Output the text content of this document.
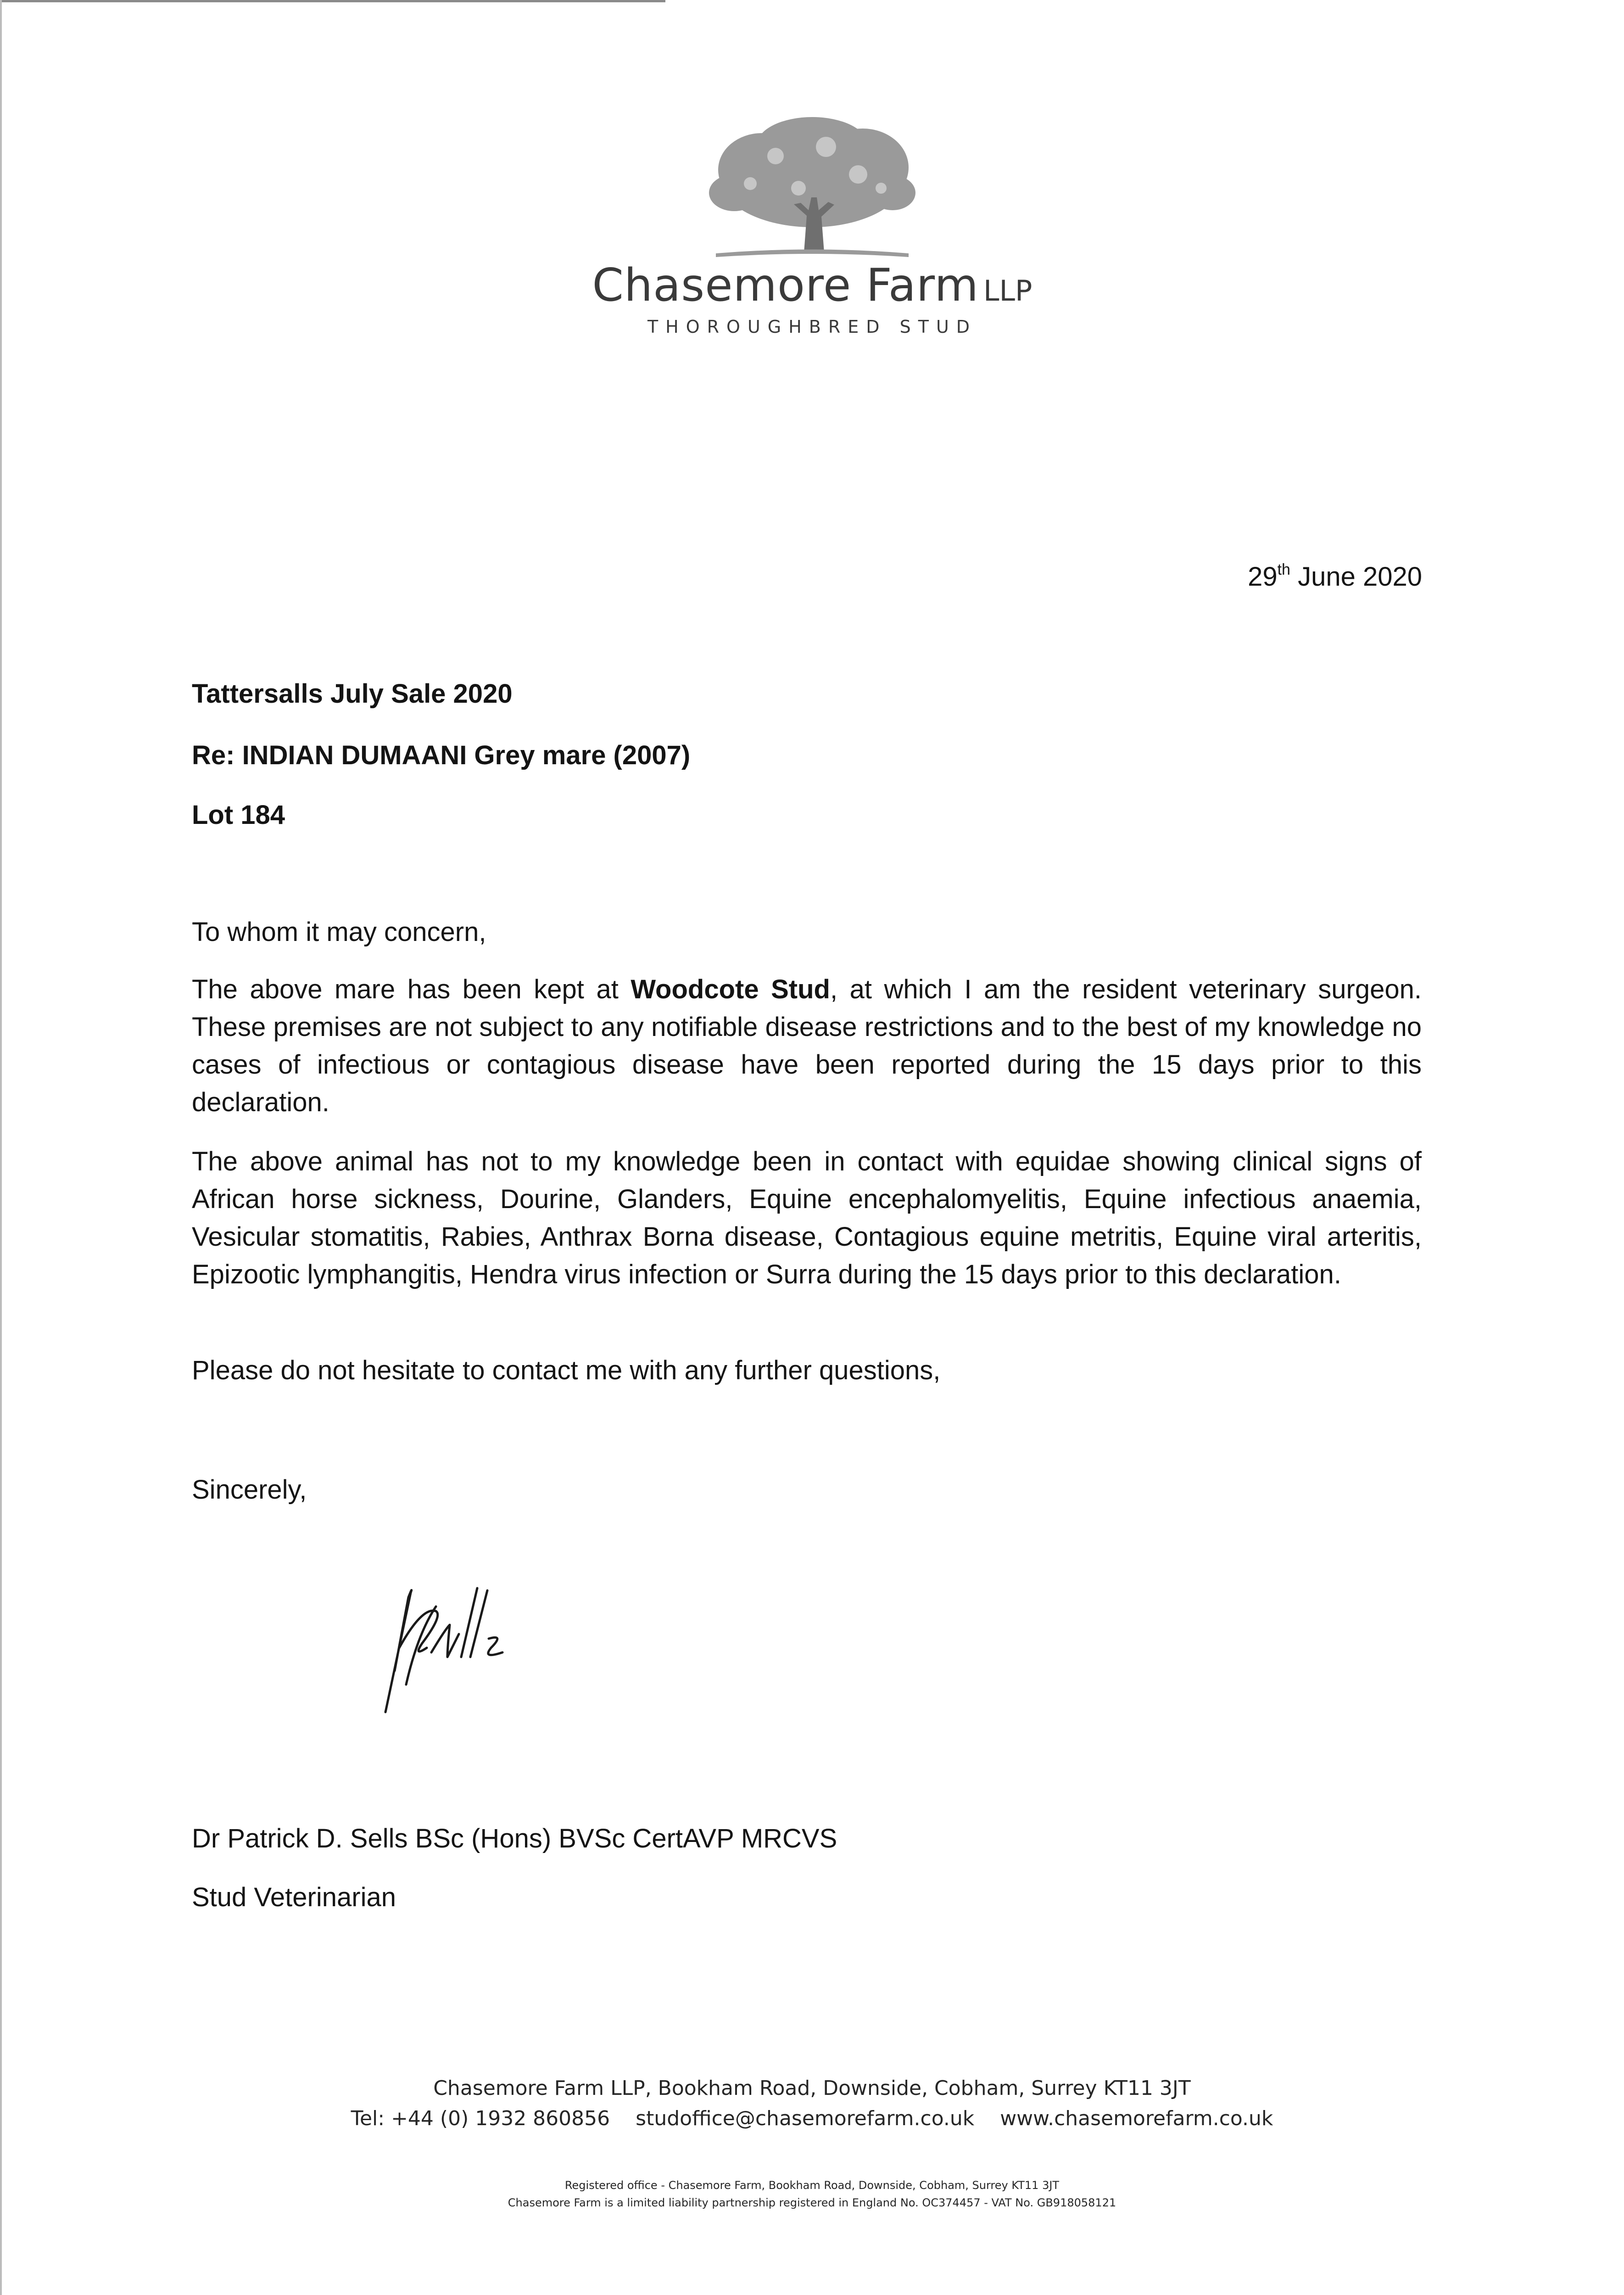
Chasemore Farm LLP
THOROUGHBRED STUD
29th June 2020
Tattersalls July Sale 2020
Re: INDIAN DUMAANI Grey mare (2007)
Lot 184
To whom it may concern,
The above mare has been kept at Woodcote Stud, at which I am the resident veterinary surgeon. These premises are not subject to any notifiable disease restrictions and to the best of my knowledge no cases of infectious or contagious disease have been reported during the 15 days prior to this declaration.
The above animal has not to my knowledge been in contact with equidae showing clinical signs of African horse sickness, Dourine, Glanders, Equine encephalomyelitis, Equine infectious anaemia, Vesicular stomatitis, Rabies, Anthrax Borna disease, Contagious equine metritis, Equine viral arteritis, Epizootic lymphangitis, Hendra virus infection or Surra during the 15 days prior to this declaration.
Please do not hesitate to contact me with any further questions,
Sincerely,
Dr Patrick D. Sells BSc (Hons) BVSc CertAVP MRCVS
Stud Veterinarian
Chasemore Farm LLP, Bookham Road, Downside, Cobham, Surrey KT11 3JT
Tel: +44 (0) 1932 860856 studoffice@chasemorefarm.co.uk www.chasemorefarm.co.uk
Registered office - Chasemore Farm, Bookham Road, Downside, Cobham, Surrey KT11 3JT
Chasemore Farm is a limited liability partnership registered in England No. OC374457 - VAT No. GB918058121
